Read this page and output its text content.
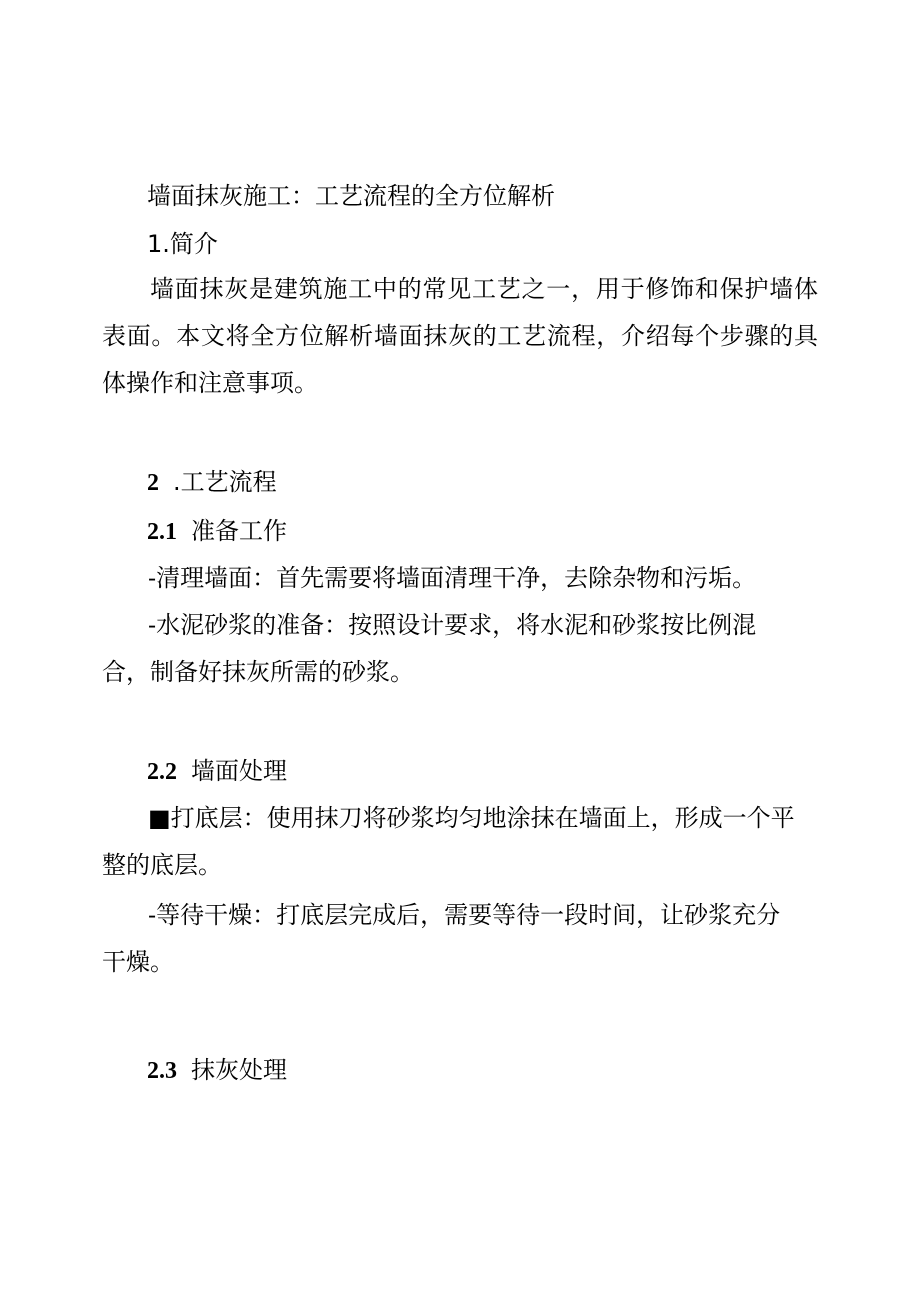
墙面抹灰施工：工艺流程的全方位解析
1.简介

墙面抹灰是建筑施工中的常见工艺之一，用于修饰和保护墙体表面。本文将全方位解析墙面抹灰的工艺流程，介绍每个步骤的具体操作和注意事项。

2 .工艺流程
2.1 准备工作

-清理墙面：首先需要将墙面清理干净，去除杂物和污垢。

-水泥砂浆的准备：按照设计要求，将水泥和砂浆按比例混合，制备好抹灰所需的砂浆。

2.2 墙面处理

■打底层：使用抹刀将砂浆均匀地涂抹在墙面上，形成一个平整的底层。

-等待干燥：打底层完成后，需要等待一段时间，让砂浆充分干燥。

2.3 抹灰处理
